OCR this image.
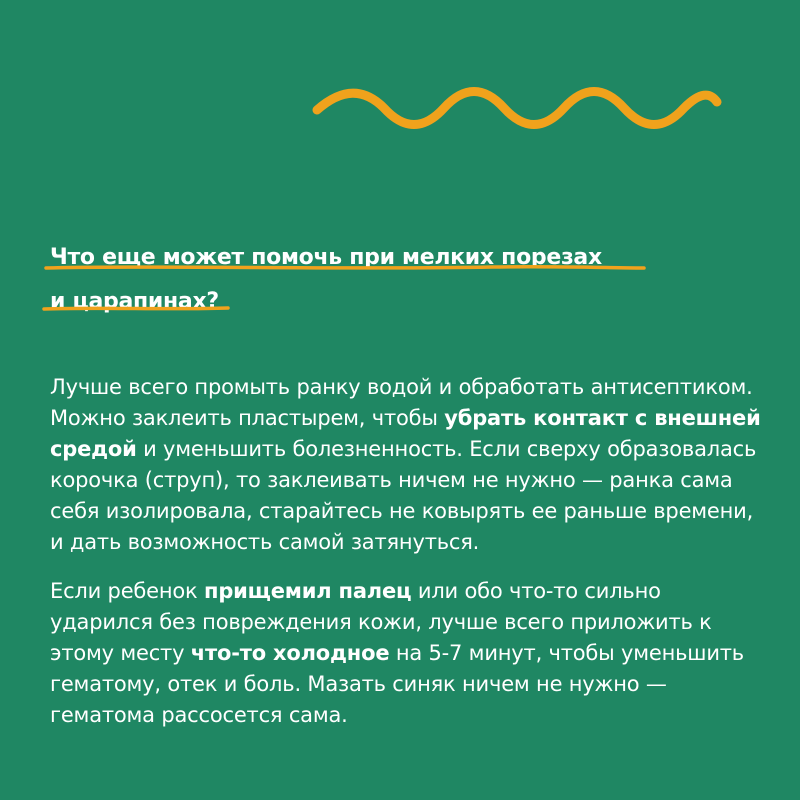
Что еще может помочь при мелких порезах
и царапинах?

Лучше всего промыть ранку водой и обработать антисептиком. Можно заклеить пластырем, чтобы убрать контакт с внешней средой и уменьшить болезненность. Если сверху образовалась корочка (струп), то заклеивать ничем не нужно — ранка сама себя изолировала, старайтесь не ковырять ее раньше времени, и дать возможность самой затянуться.

Если ребенок прищемил палец или обо что-то сильно ударился без повреждения кожи, лучше всего приложить к этому месту что-то холодное на 5-7 минут, чтобы уменьшить гематому, отек и боль. Мазать синяк ничем не нужно — гематома рассосется сама.
